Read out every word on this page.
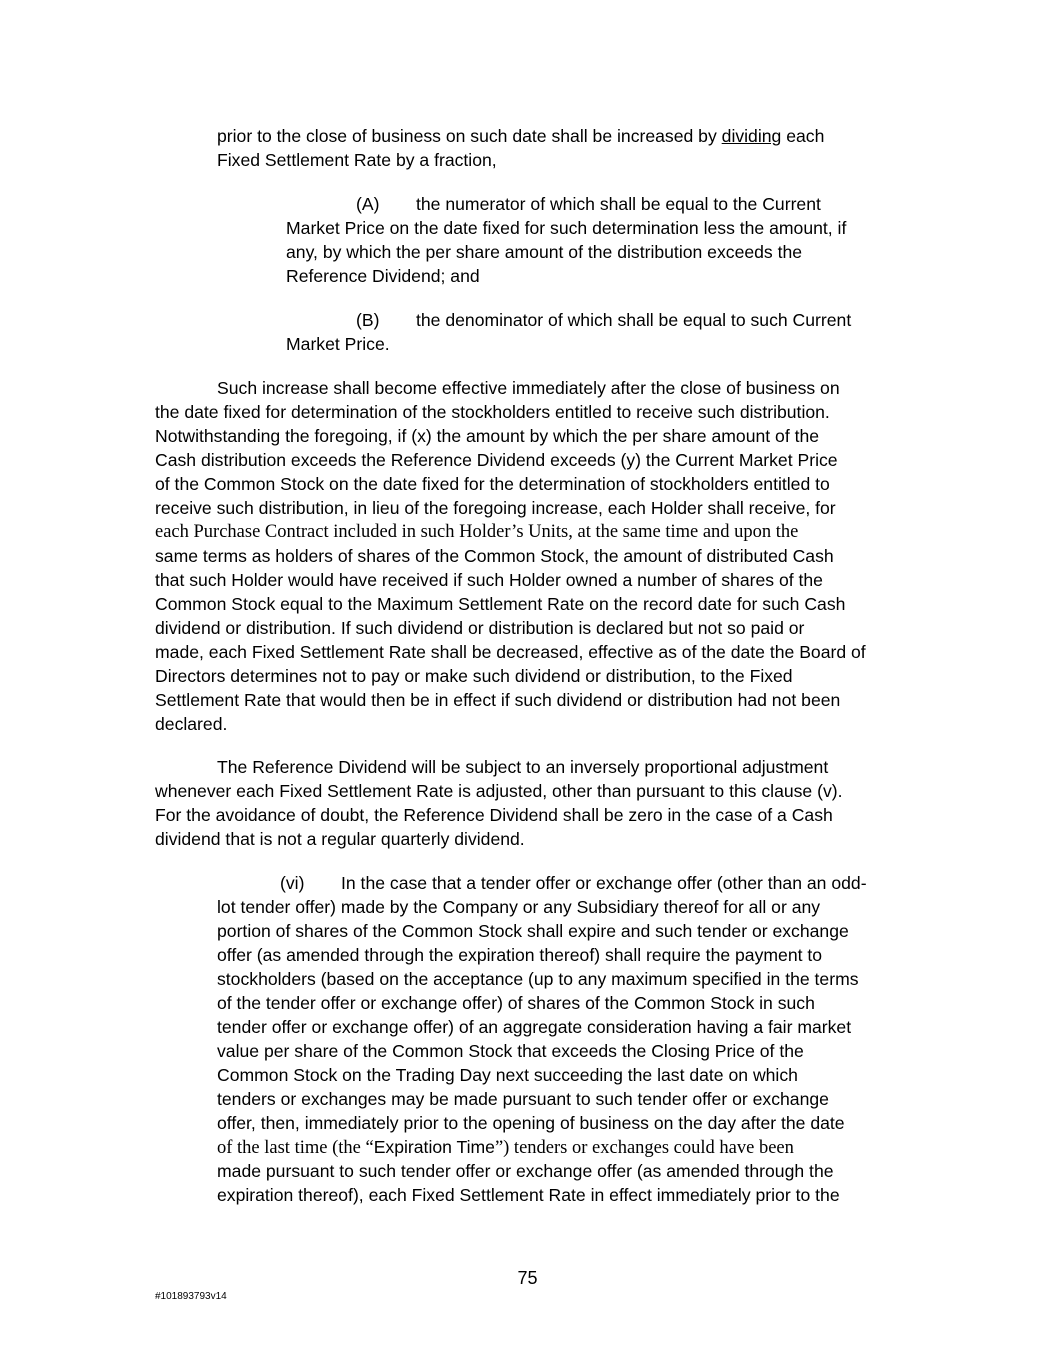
prior to the close of business on such date shall be increased by dividing each
Fixed Settlement Rate by a fraction,
(A) the numerator of which shall be equal to the Current
Market Price on the date fixed for such determination less the amount, if
any, by which the per share amount of the distribution exceeds the
Reference Dividend; and
(B) the denominator of which shall be equal to such Current
Market Price.
Such increase shall become effective immediately after the close of business on
the date fixed for determination of the stockholders entitled to receive such distribution.
Notwithstanding the foregoing, if (x) the amount by which the per share amount of the
Cash distribution exceeds the Reference Dividend exceeds (y) the Current Market Price
of the Common Stock on the date fixed for the determination of stockholders entitled to
receive such distribution, in lieu of the foregoing increase, each Holder shall receive, for
each Purchase Contract included in such Holder’s Units, at the same time and upon the
same terms as holders of shares of the Common Stock, the amount of distributed Cash
that such Holder would have received if such Holder owned a number of shares of the
Common Stock equal to the Maximum Settlement Rate on the record date for such Cash
dividend or distribution. If such dividend or distribution is declared but not so paid or
made, each Fixed Settlement Rate shall be decreased, effective as of the date the Board of
Directors determines not to pay or make such dividend or distribution, to the Fixed
Settlement Rate that would then be in effect if such dividend or distribution had not been
declared.
The Reference Dividend will be subject to an inversely proportional adjustment
whenever each Fixed Settlement Rate is adjusted, other than pursuant to this clause (v).
For the avoidance of doubt, the Reference Dividend shall be zero in the case of a Cash
dividend that is not a regular quarterly dividend.
(vi) In the case that a tender offer or exchange offer (other than an odd-
lot tender offer) made by the Company or any Subsidiary thereof for all or any
portion of shares of the Common Stock shall expire and such tender or exchange
offer (as amended through the expiration thereof) shall require the payment to
stockholders (based on the acceptance (up to any maximum specified in the terms
of the tender offer or exchange offer) of shares of the Common Stock in such
tender offer or exchange offer) of an aggregate consideration having a fair market
value per share of the Common Stock that exceeds the Closing Price of the
Common Stock on the Trading Day next succeeding the last date on which
tenders or exchanges may be made pursuant to such tender offer or exchange
offer, then, immediately prior to the opening of business on the day after the date
of the last time (the “Expiration Time”) tenders or exchanges could have been
made pursuant to such tender offer or exchange offer (as amended through the
expiration thereof), each Fixed Settlement Rate in effect immediately prior to the
75
#101893793v14
